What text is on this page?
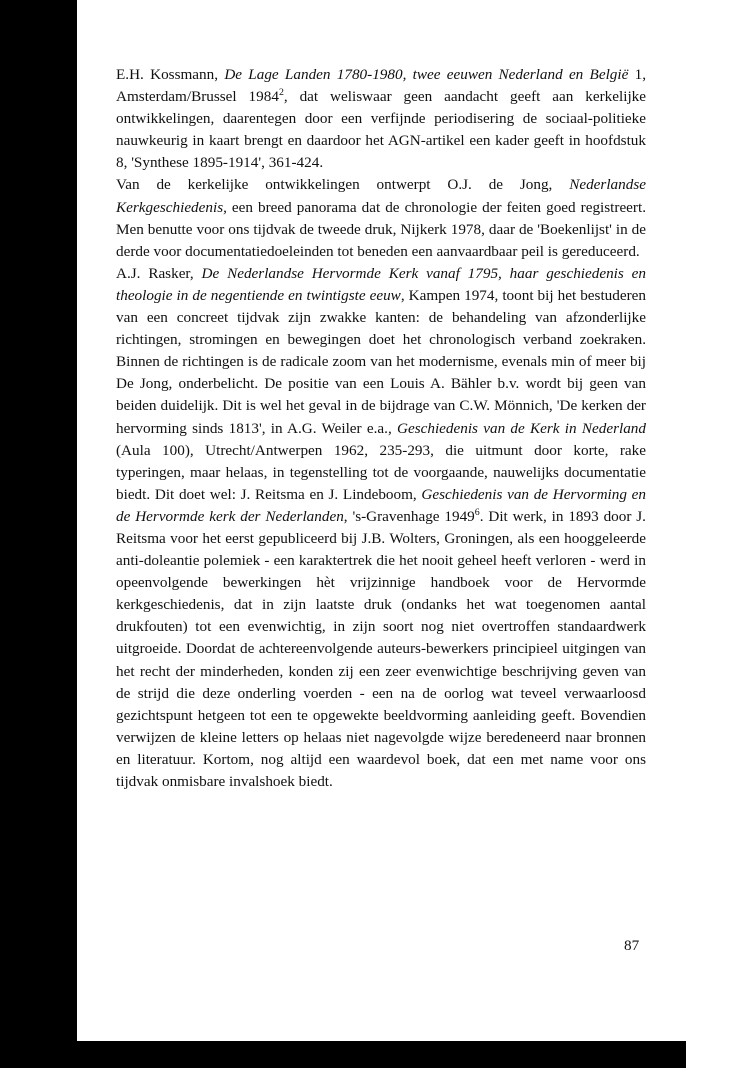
E.H. Kossmann, De Lage Landen 1780-1980, twee eeuwen Nederland en België 1, Amsterdam/Brussel 1984$^2$, dat weliswaar geen aandacht geeft aan kerkelijke ontwikkelingen, daarentegen door een verfijnde periodisering de sociaal-politieke nauwkeurig in kaart brengt en daardoor het AGN-artikel een kader geeft in hoofdstuk 8, 'Synthese 1895-1914', 361-424.

Van de kerkelijke ontwikkelingen ontwerpt O.J. de Jong, Nederlandse Kerkgeschiedenis, een breed panorama dat de chronologie der feiten goed registreert. Men benutte voor ons tijdvak de tweede druk, Nijkerk 1978, daar de 'Boekenlijst' in de derde voor documentatiedoeleinden tot beneden een aanvaardbaar peil is gereduceerd.

A.J. Rasker, De Nederlandse Hervormde Kerk vanaf 1795, haar geschiedenis en theologie in de negentiende en twintigste eeuw, Kampen 1974, toont bij het bestuderen van een concreet tijdvak zijn zwakke kanten: de behandeling van afzonderlijke richtingen, stromingen en bewegingen doet het chronologisch verband zoekraken. Binnen de richtingen is de radicale zoom van het modernisme, evenals min of meer bij De Jong, onderbelicht. De positie van een Louis A. Bähler b.v. wordt bij geen van beiden duidelijk. Dit is wel het geval in de bijdrage van C.W. Mönnich, 'De kerken der hervorming sinds 1813', in A.G. Weiler e.a., Geschiedenis van de Kerk in Nederland (Aula 100), Utrecht/Antwerpen 1962, 235-293, die uitmunt door korte, rake typeringen, maar helaas, in tegenstelling tot de voorgaande, nauwelijks documentatie biedt. Dit doet wel: J. Reitsma en J. Lindeboom, Geschiedenis van de Hervorming en de Hervormde kerk der Nederlanden, 's-Gravenhage 1949$^6$. Dit werk, in 1893 door J. Reitsma voor het eerst gepubliceerd bij J.B. Wolters, Groningen, als een hooggeleerde anti-doleantie polemiek - een karaktertrek die het nooit geheel heeft verloren - werd in opeenvolgende bewerkingen hèt vrijzinnige handboek voor de Hervormde kerkgeschiedenis, dat in zijn laatste druk (ondanks het wat toegenomen aantal drukfouten) tot een evenwichtig, in zijn soort nog niet overtroffen standaardwerk uitgroeide. Doordat de achtereenvolgende auteurs-bewerkers principieel uitgingen van het recht der minderheden, konden zij een zeer evenwichtige beschrijving geven van de strijd die deze onderling voerden - een na de oorlog wat teveel verwaarloosd gezichtspunt hetgeen tot een te opgewekte beeldvorming aanleiding geeft. Bovendien verwijzen de kleine letters op helaas niet nagevolgde wijze beredeneerd naar bronnen en literatuur. Kortom, nog altijd een waardevol boek, dat een met name voor ons tijdvak onmisbare invalshoek biedt.

87
